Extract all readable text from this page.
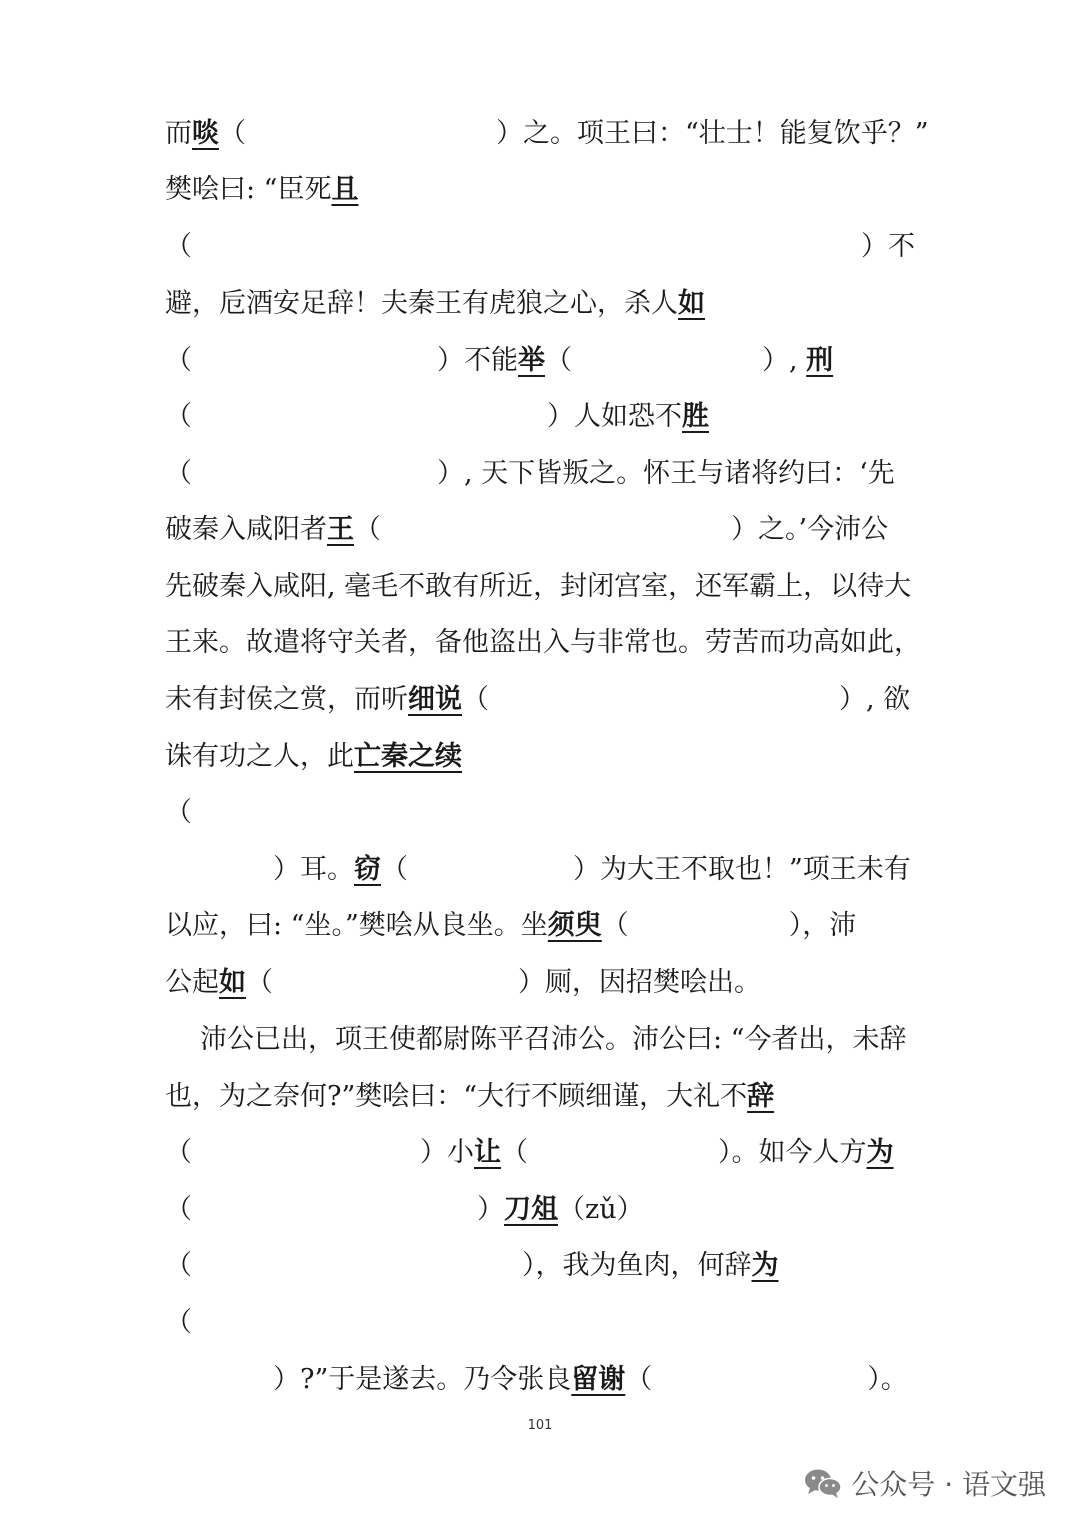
而啖（	）之。项王曰：“壮士！能复饮乎？”
樊哙曰: “臣死且
（	）不
避，卮酒安足辞！夫秦王有虎狼之心，杀人如
（	）不能举（	）, 刑
（	）人如恐不胜
（	）, 天下皆叛之。怀王与诸将约曰：‘先
破秦入咸阳者王（	）之。’今沛公
先破秦入咸阳, 毫毛不敢有所近，封闭宫室，还军霸上，以待大
王来。故遣将守关者，备他盗出入与非常也。劳苦而功高如此，
未有封侯之赏，而听细说（	）, 欲
诛有功之人，此亡秦之续
（
）耳。窃（	）为大王不取也！”项王未有
以应，曰: “坐。”樊哙从良坐。坐须臾（	），沛
公起如（	）厕，因招樊哙出。
沛公已出，项王使都尉陈平召沛公。沛公曰: “今者出，未辞
也，为之奈何?”樊哙曰：“大行不顾细谨，大礼不辞
（	）小让（	）。如今人方为
（	）刀俎（zǔ）
（	），我为鱼肉，何辞为
（
）?”于是遂去。乃令张良留谢（	）。
101
公众号 · 语文强
